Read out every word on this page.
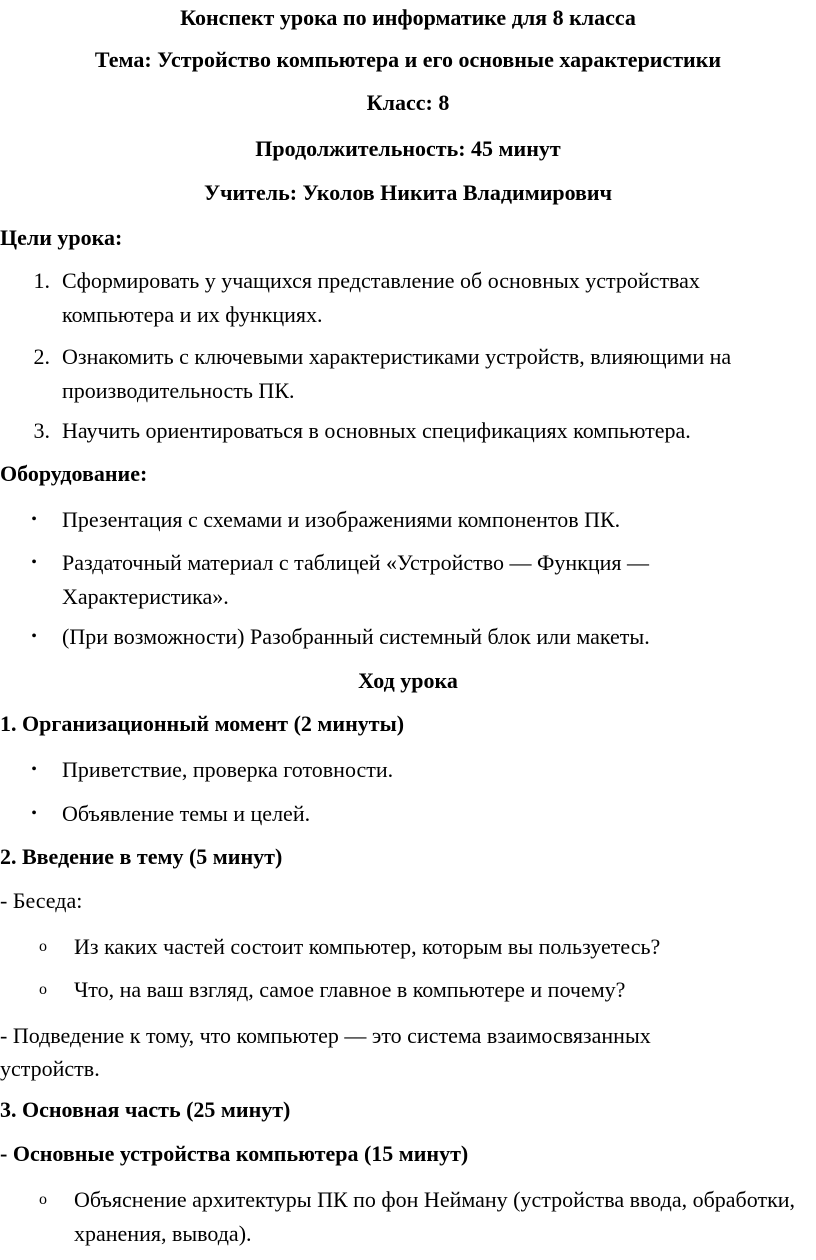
Конспект урока по информатике для 8 класса
Тема: Устройство компьютера и его основные характеристики
Класс: 8
Продолжительность: 45 минут
Учитель: Уколов Никита Владимирович
Цели урока:
1. Сформировать у учащихся представление об основных устройствах компьютера и их функциях.
2. Ознакомить с ключевыми характеристиками устройств, влияющими на производительность ПК.
3. Научить ориентироваться в основных спецификациях компьютера.
Оборудование:
• Презентация с схемами и изображениями компонентов ПК.
• Раздаточный материал с таблицей «Устройство — Функция — Характеристика».
• (При возможности) Разобранный системный блок или макеты.
Ход урока
1. Организационный момент (2 минуты)
• Приветствие, проверка готовности.
• Объявление темы и целей.
2. Введение в тему (5 минут)
- Беседа:
o Из каких частей состоит компьютер, которым вы пользуетесь?
o Что, на ваш взгляд, самое главное в компьютере и почему?
- Подведение к тому, что компьютер — это система взаимосвязанных устройств.
3. Основная часть (25 минут)
- Основные устройства компьютера (15 минут)
o Объяснение архитектуры ПК по фон Нейману (устройства ввода, обработки, хранения, вывода).
